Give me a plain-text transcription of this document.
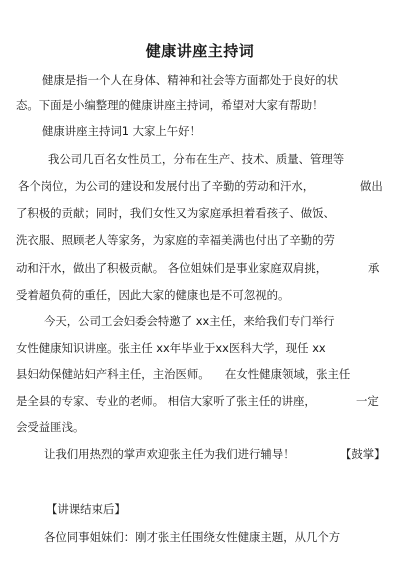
健康讲座主持词
健康是指一个人在身体、精神和社会等方面都处于良好的状
态。下面是小编整理的健康讲座主持词，希望对大家有帮助！
健康讲座主持词1 大家上午好！
我公司几百名女性员工，分布在生产、技术、质量、管理等
各个岗位，为公司的建设和发展付出了辛勤的劳动和汗水，	做出
了积极的贡献；同时，我们女性又为家庭承担着看孩子、做饭、
洗衣服、照顾老人等家务，为家庭的幸福美满也付出了辛勤的劳
动和汗水，做出了积极贡献。 各位姐妹们是事业家庭双肩挑，	承
受着超负荷的重任，因此大家的健康也是不可忽视的。
今天，公司工会妇委会特邀了 xx主任，来给我们专门举行
女性健康知识讲座。张主任 xx年毕业于xx医科大学，现任 xx
县妇幼保健站妇产科主任，主治医师。 在女性健康领域，张主任
是全县的专家、专业的老师。 相信大家听了张主任的讲座，	一定
会受益匪浅。
让我们用热烈的掌声欢迎张主任为我们进行辅导！	【鼓掌】
【讲课结束后】
各位同事姐妹们：刚才张主任围绕女性健康主题，从几个方
